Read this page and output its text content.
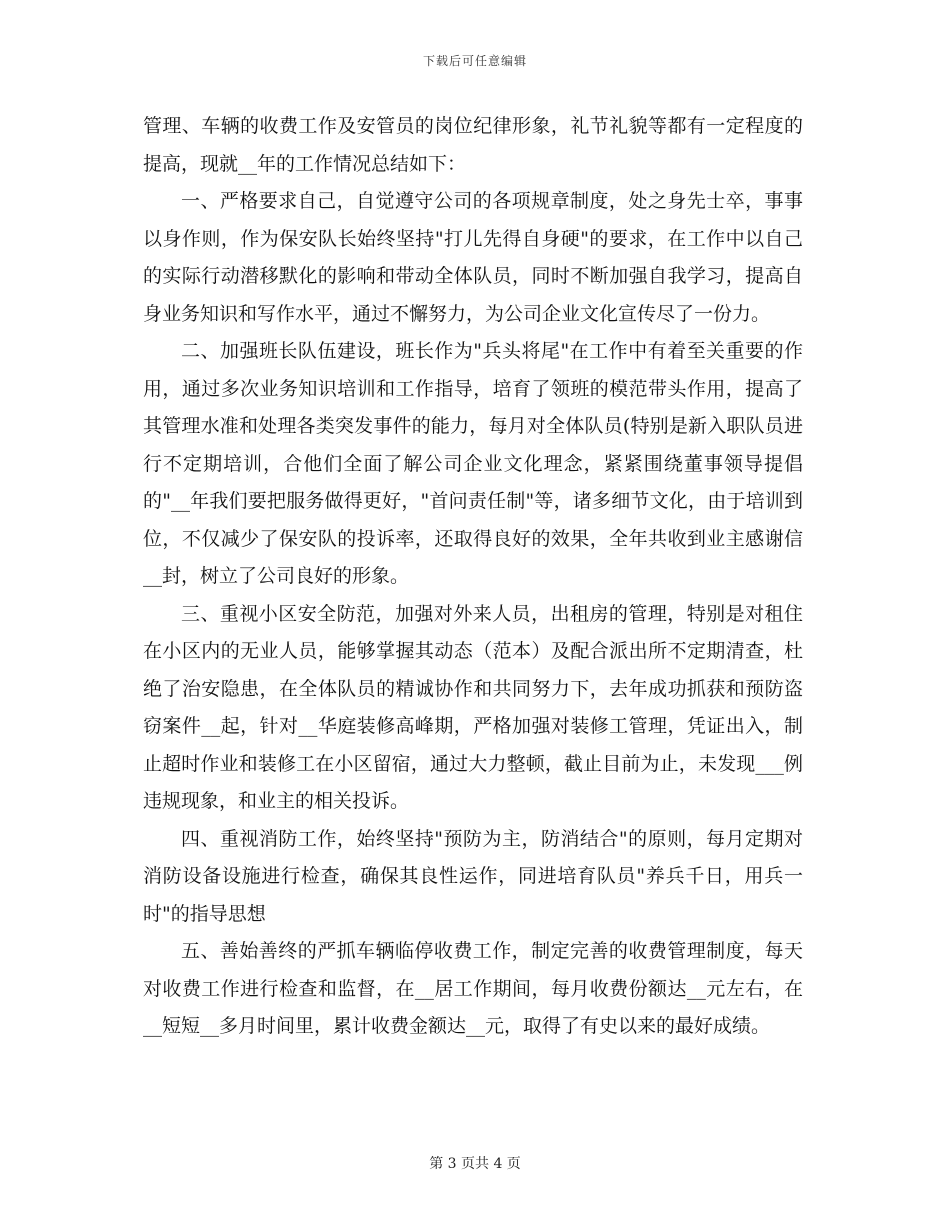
下载后可任意编辑

管理、车辆的收费工作及安管员的岗位纪律形象，礼节礼貌等都有一定程度的提高，现就__年的工作情况总结如下：

一、严格要求自己，自觉遵守公司的各项规章制度，处之身先士卒，事事以身作则，作为保安队长始终坚持"打儿先得自身硬"的要求，在工作中以自己的实际行动潜移默化的影响和带动全体队员，同时不断加强自我学习，提高自身业务知识和写作水平，通过不懈努力，为公司企业文化宣传尽了一份力。

二、加强班长队伍建设，班长作为"兵头将尾"在工作中有着至关重要的作用，通过多次业务知识培训和工作指导，培育了领班的模范带头作用，提高了其管理水准和处理各类突发事件的能力，每月对全体队员(特别是新入职队员进行不定期培训，合他们全面了解公司企业文化理念，紧紧围绕董事领导提倡的"__年我们要把服务做得更好，"首问责任制"等，诸多细节文化，由于培训到位，不仅减少了保安队的投诉率，还取得良好的效果，全年共收到业主感谢信__封，树立了公司良好的形象。

三、重视小区安全防范，加强对外来人员，出租房的管理，特别是对租住在小区内的无业人员，能够掌握其动态（范本）及配合派出所不定期清查，杜绝了治安隐患，在全体队员的精诚协作和共同努力下，去年成功抓获和预防盗窃案件__起，针对__华庭装修高峰期，严格加强对装修工管理，凭证出入，制止超时作业和装修工在小区留宿，通过大力整顿，截止目前为止，未发现___例违规现象，和业主的相关投诉。

四、重视消防工作，始终坚持"预防为主，防消结合"的原则，每月定期对消防设备设施进行检查，确保其良性运作，同进培育队员"养兵千日，用兵一时"的指导思想

五、善始善终的严抓车辆临停收费工作，制定完善的收费管理制度，每天对收费工作进行检查和监督，在__居工作期间，每月收费份额达__元左右，在__短短__多月时间里，累计收费金额达__元，取得了有史以来的最好成绩。

第 3 页共 4 页
